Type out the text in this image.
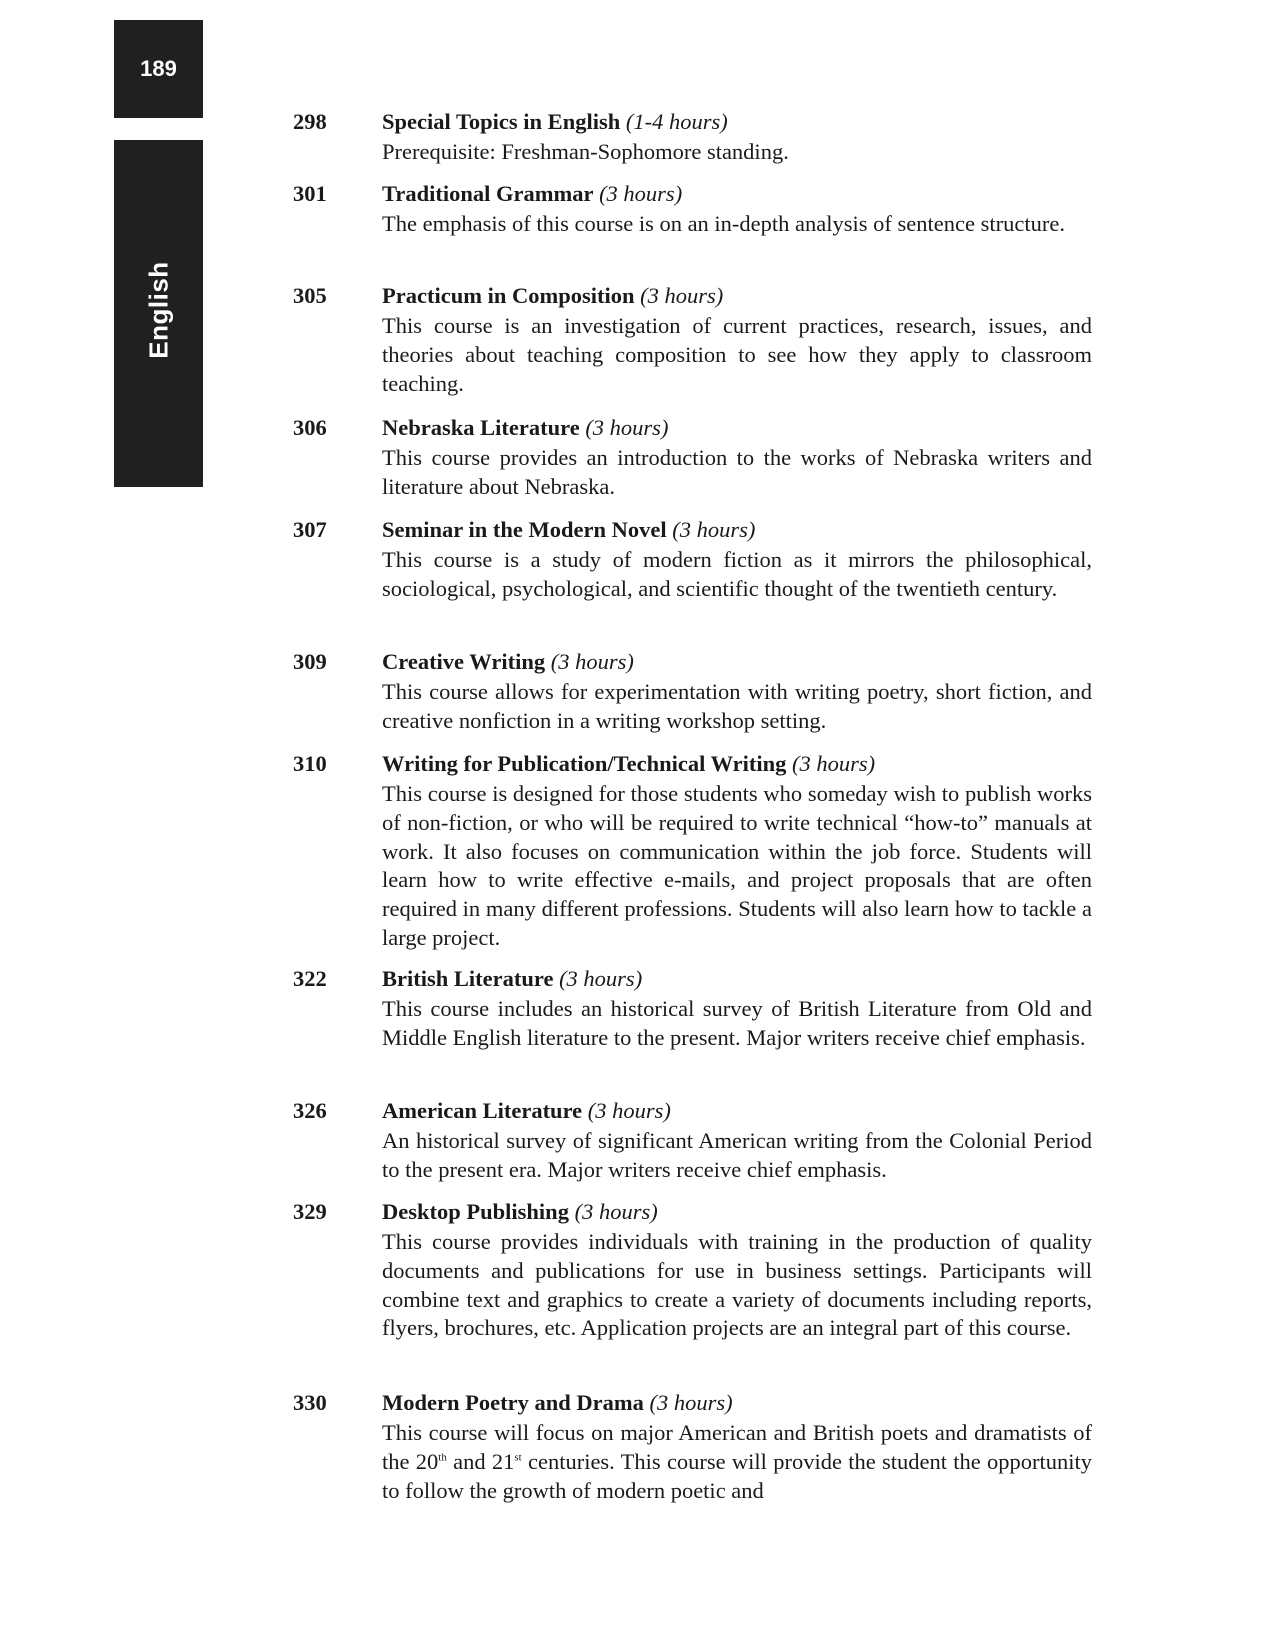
189
English
298 Special Topics in English (1-4 hours)

Prerequisite: Freshman-Sophomore standing.

301 Traditional Grammar (3 hours)

The emphasis of this course is on an in-depth analysis of sentence structure.

305 Practicum in Composition (3 hours)

This course is an investigation of current practices, research, issues, and theories about teaching composition to see how they apply to classroom teaching.

306 Nebraska Literature (3 hours)

This course provides an introduction to the works of Nebraska writers and literature about Nebraska.

307 Seminar in the Modern Novel (3 hours)

This course is a study of modern fiction as it mirrors the philosophical, sociological, psychological, and scientific thought of the twentieth century.

309 Creative Writing (3 hours)

This course allows for experimentation with writing poetry, short fiction, and creative nonfiction in a writing workshop setting.

310 Writing for Publication/Technical Writing (3 hours)

This course is designed for those students who someday wish to publish works of non-fiction, or who will be required to write technical “how-to” manuals at work. It also focuses on communication within the job force. Students will learn how to write effective e-mails, and project proposals that are often required in many different professions. Students will also learn how to tackle a large project.

322 British Literature (3 hours)

This course includes an historical survey of British Literature from Old and Middle English literature to the present. Major writers receive chief emphasis.

326 American Literature (3 hours)

An historical survey of significant American writing from the Colonial Period to the present era. Major writers receive chief emphasis.

329 Desktop Publishing (3 hours)

This course provides individuals with training in the production of quality documents and publications for use in business settings. Participants will combine text and graphics to create a variety of documents including reports, flyers, brochures, etc. Application projects are an integral part of this course.

330 Modern Poetry and Drama (3 hours)

This course will focus on major American and British poets and dramatists of the 20th and 21st centuries. This course will provide the student the opportunity to follow the growth of modern poetic and
